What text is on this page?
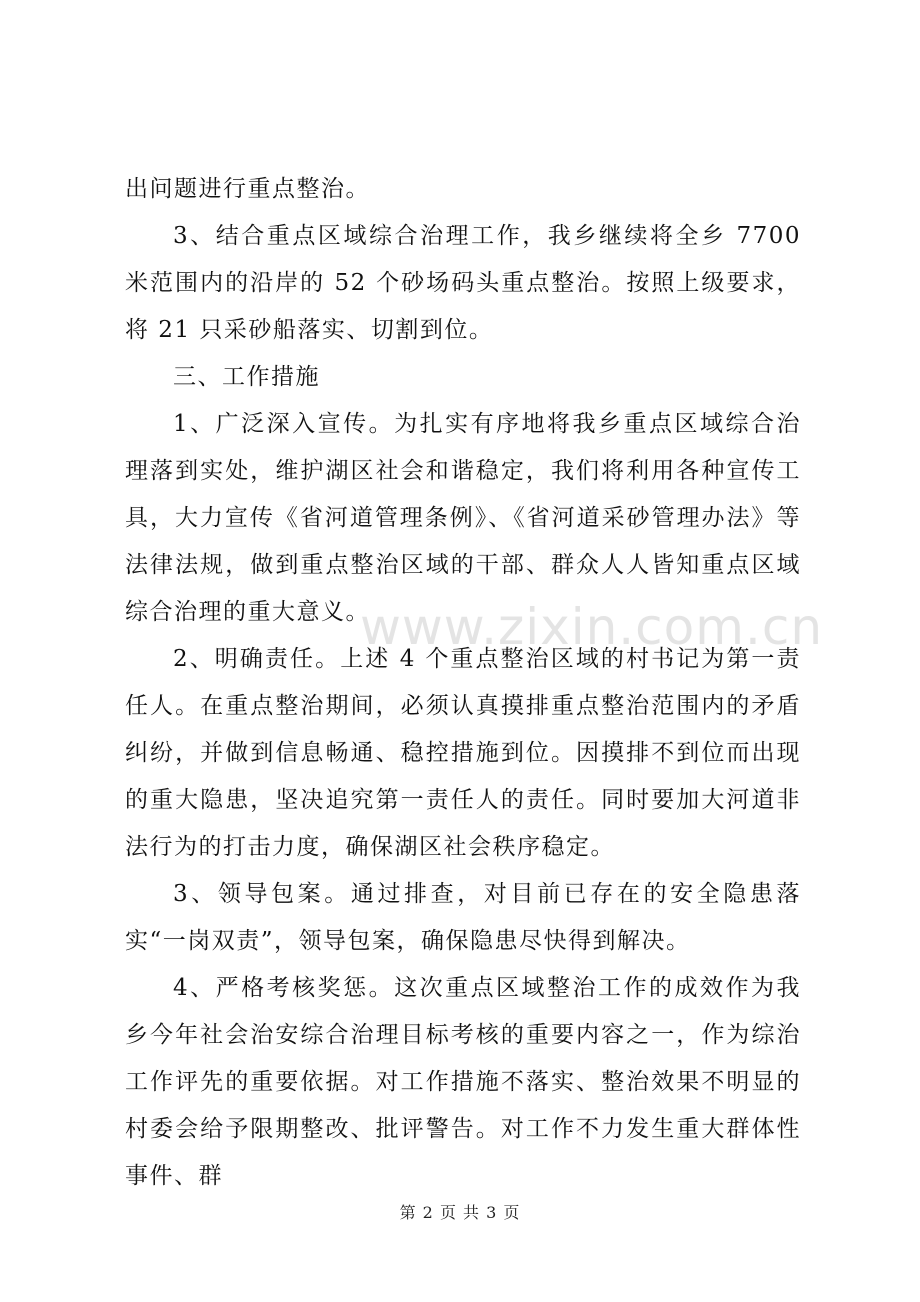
www.zixin.com.cn

出问题进行重点整治。

3、结合重点区域综合治理工作，我乡继续将全乡 7700 米范围内的沿岸的 52 个砂场码头重点整治。按照上级要求，将 21 只采砂船落实、切割到位。

三、工作措施

1、广泛深入宣传。为扎实有序地将我乡重点区域综合治理落到实处，维护湖区社会和谐稳定，我们将利用各种宣传工具，大力宣传《省河道管理条例》、《省河道采砂管理办法》等法律法规，做到重点整治区域的干部、群众人人皆知重点区域综合治理的重大意义。

2、明确责任。上述 4 个重点整治区域的村书记为第一责任人。在重点整治期间，必须认真摸排重点整治范围内的矛盾纠纷，并做到信息畅通、稳控措施到位。因摸排不到位而出现的重大隐患，坚决追究第一责任人的责任。同时要加大河道非法行为的打击力度，确保湖区社会秩序稳定。

3、领导包案。通过排查，对目前已存在的安全隐患落实“一岗双责”，领导包案，确保隐患尽快得到解决。

4、严格考核奖惩。这次重点区域整治工作的成效作为我乡今年社会治安综合治理目标考核的重要内容之一，作为综治工作评先的重要依据。对工作措施不落实、整治效果不明显的村委会给予限期整改、批评警告。对工作不力发生重大群体性事件、群

第 2 页 共 3 页
